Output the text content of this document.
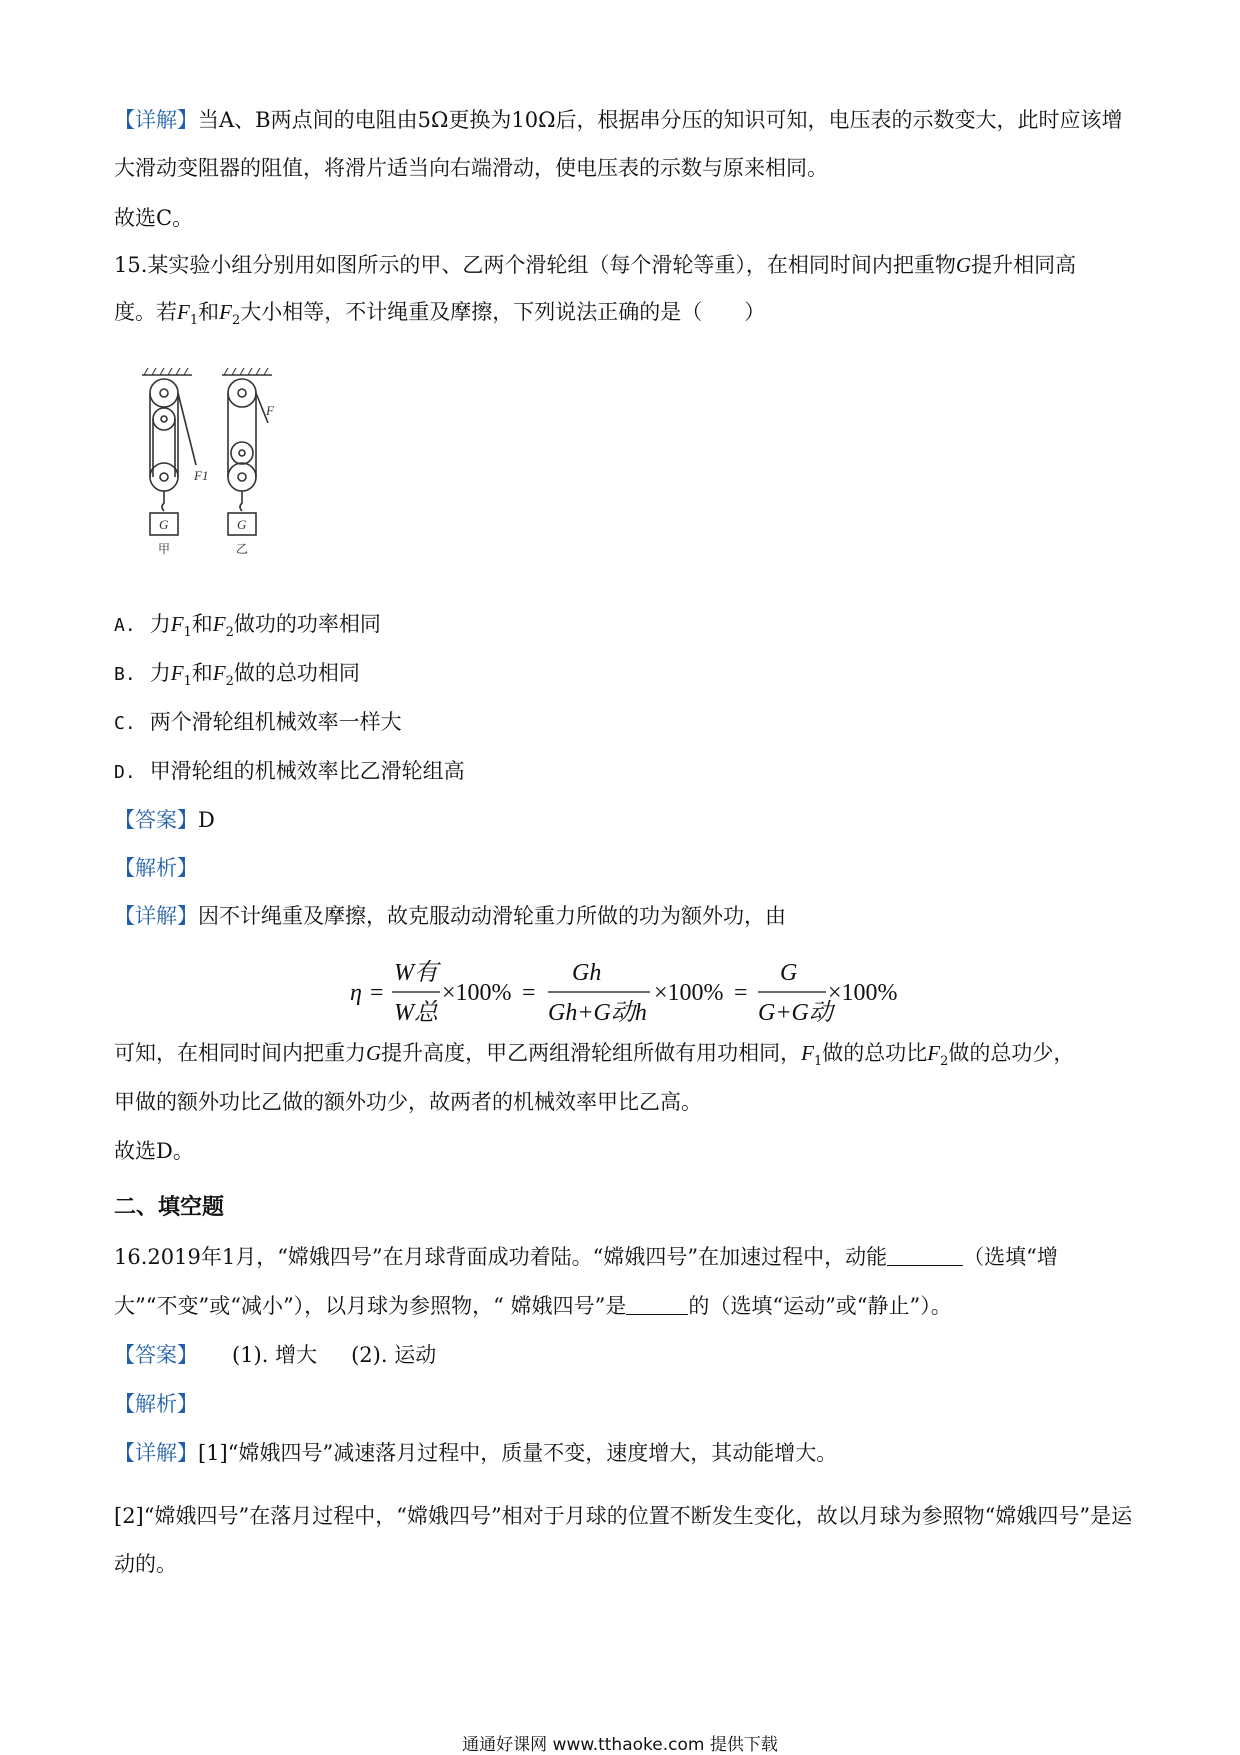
【详解】当A、B两点间的电阻由5Ω更换为10Ω后，根据串分压的知识可知，电压表的示数变大，此时应该增大滑动变阻器的阻值，将滑片适当向右端滑动，使电压表的示数与原来相同。

故选C。

15.某实验小组分别用如图所示的甲、乙两个滑轮组（每个滑轮等重），在相同时间内把重物G提升相同高

度。若$F_1$和$F_2$大小相等，不计绳重及摩擦，下列说法正确的是（　　）

G	G
F1
F
甲	乙

A. 力$F_1$和$F_2$做功的功率相同

B. 力$F_1$和$F_2$做的总功相同

C. 两个滑轮组机械效率一样大

D. 甲滑轮组的机械效率比乙滑轮组高

【答案】D

【解析】

【详解】因不计绳重及摩擦，故克服动动滑轮重力所做的功为额外功，由

η =
W有
W总
×100% =
Gh
Gh+G动h
×100% =
G
G+G动
×100%

可知，在相同时间内把重力G提升高度，甲乙两组滑轮组所做有用功相同，$F_1$做的总功比$F_2$做的总功少，

甲做的额外功比乙做的额外功少，故两者的机械效率甲比乙高。

故选D。

二、填空题

16.2019年1月，“嫦娥四号”在月球背面成功着陆。“嫦娥四号”在加速过程中，动能	（选填“增

大”“不变”或“减小”），以月球为参照物，“ 嫦娥四号”是	的（选填“运动”或“静止”）。

【答案】 (1). 增大 (2). 运动

【解析】

【详解】[1]“嫦娥四号”减速落月过程中，质量不变，速度增大，其动能增大。

[2]“嫦娥四号”在落月过程中，“嫦娥四号”相对于月球的位置不断发生变化，故以月球为参照物“嫦娥四号”是运动的。

通通好课网 www.tthaoke.com 提供下载
